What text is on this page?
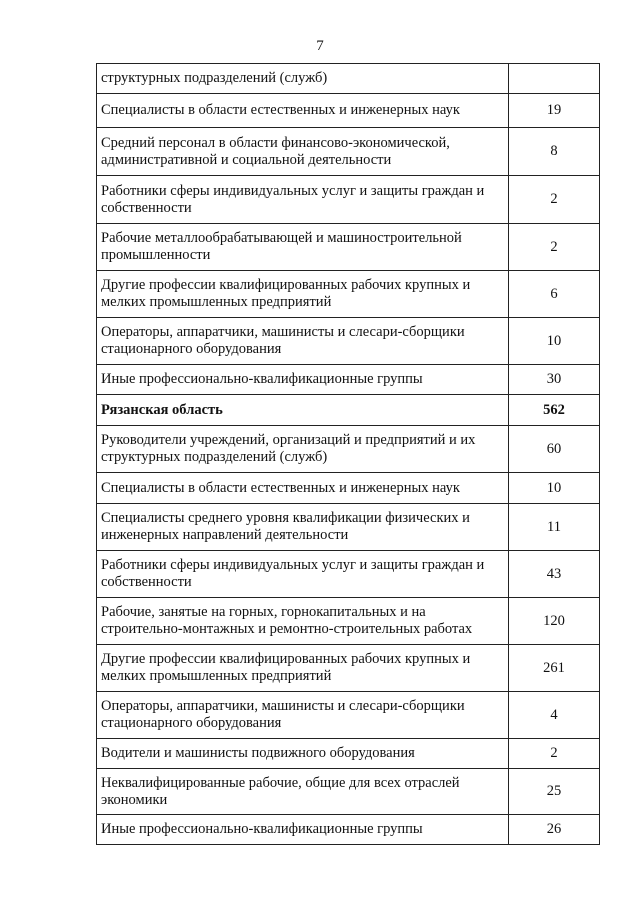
7
структурных подразделений (служб)	
Специалисты в области естественных и инженерных наук	19
Средний персонал в области финансово-экономической, административной и социальной деятельности	8
Работники сферы индивидуальных услуг и защиты граждан и собственности	2
Рабочие металлообрабатывающей и машиностроительной промышленности	2
Другие профессии квалифицированных рабочих крупных и мелких промышленных предприятий	6
Операторы, аппаратчики, машинисты и слесари-сборщики стационарного оборудования	10
Иные профессионально-квалификационные группы	30
Рязанская область	562
Руководители учреждений, организаций и предприятий и их структурных подразделений (служб)	60
Специалисты в области естественных и инженерных наук	10
Специалисты среднего уровня квалификации физических и инженерных направлений деятельности	11
Работники сферы индивидуальных услуг и защиты граждан и собственности	43
Рабочие, занятые на горных, горнокапитальных и на строительно-монтажных и ремонтно-строительных работах	120
Другие профессии квалифицированных рабочих крупных и мелких промышленных предприятий	261
Операторы, аппаратчики, машинисты и слесари-сборщики стационарного оборудования	4
Водители и машинисты подвижного оборудования	2
Неквалифицированные рабочие, общие для всех отраслей экономики	25
Иные профессионально-квалификационные группы	26
